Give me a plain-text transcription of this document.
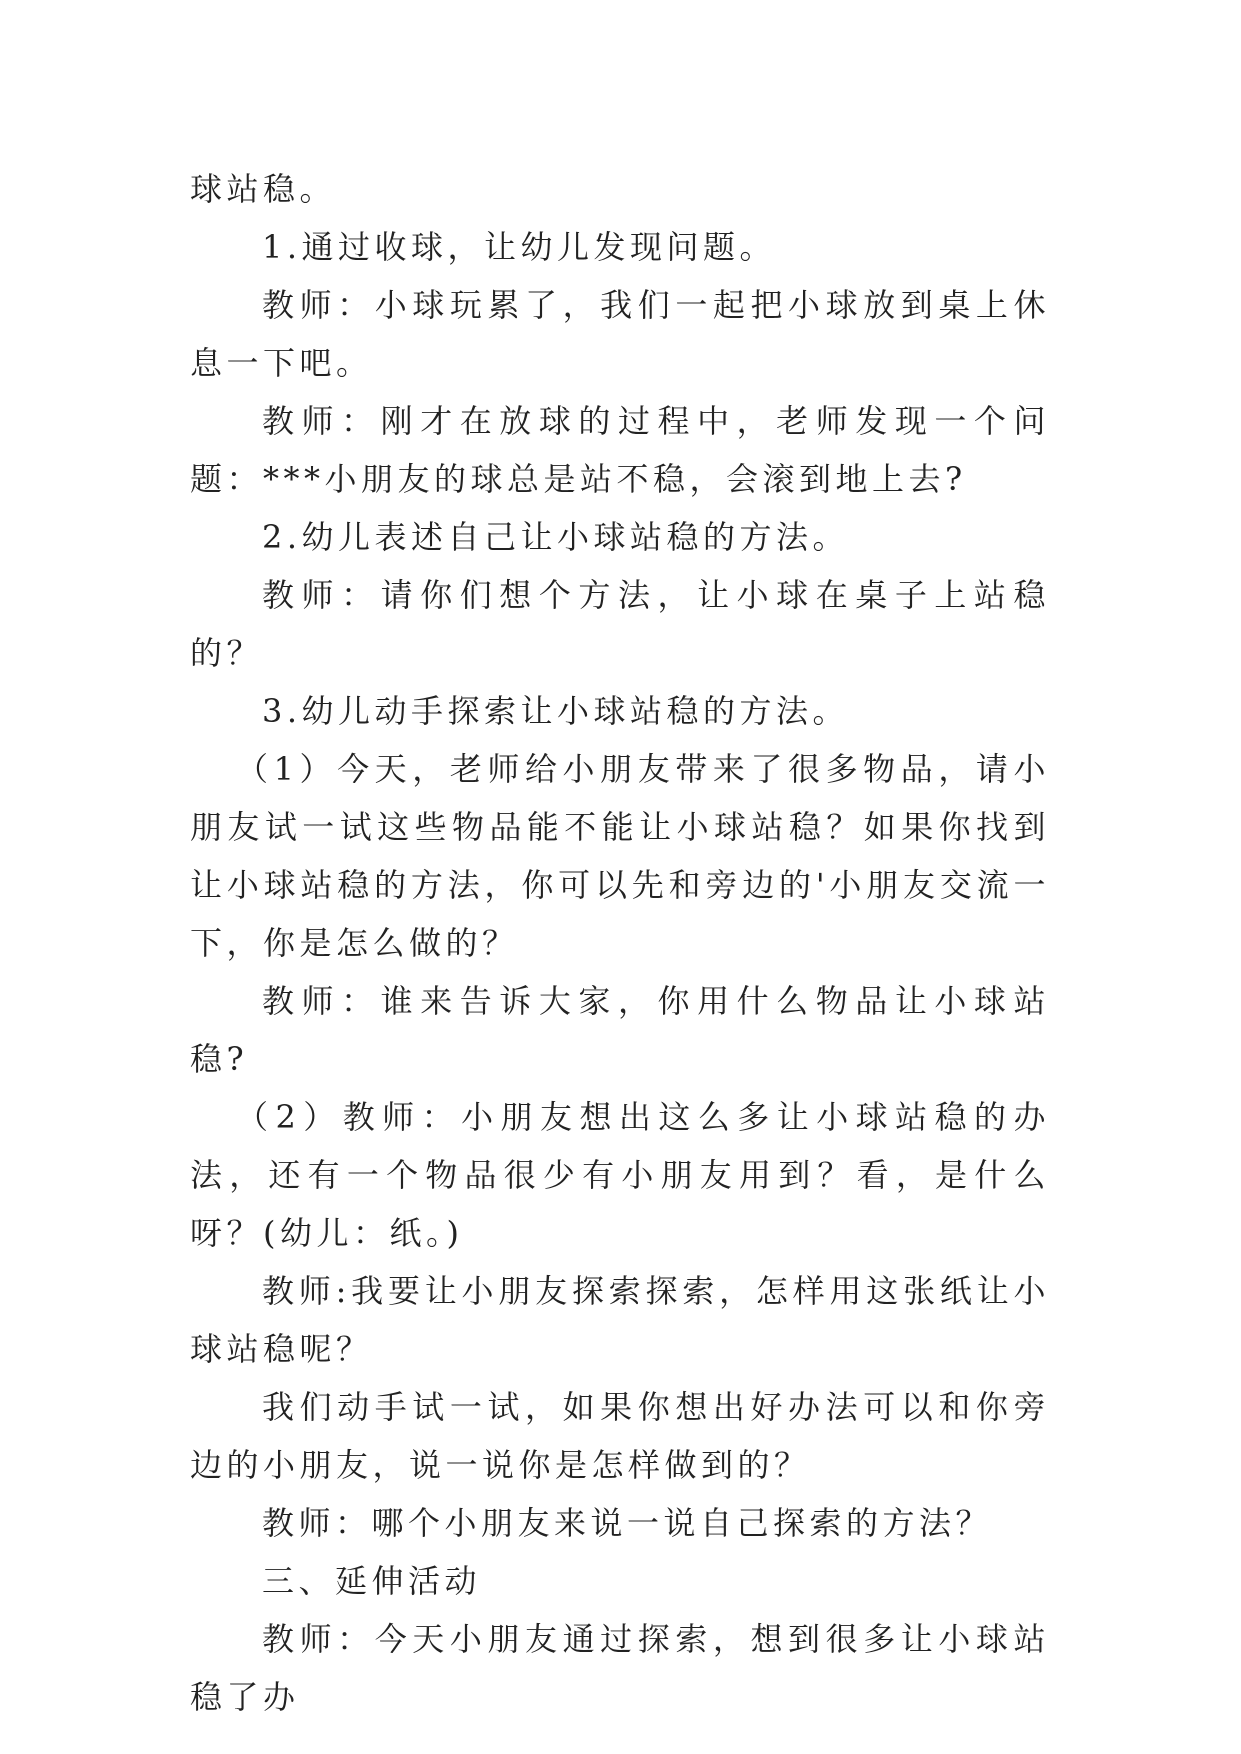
球站稳。

1.通过收球，让幼儿发现问题。

教师：小球玩累了，我们一起把小球放到桌上休息一下吧。

教师：刚才在放球的过程中，老师发现一个问题：***小朋友的球总是站不稳，会滚到地上去?

2.幼儿表述自己让小球站稳的方法。

教师：请你们想个方法，让小球在桌子上站稳的？

3.幼儿动手探索让小球站稳的方法。

（1）今天，老师给小朋友带来了很多物品，请小朋友试一试这些物品能不能让小球站稳？如果你找到让小球站稳的方法，你可以先和旁边的'小朋友交流一下，你是怎么做的？

教师：谁来告诉大家，你用什么物品让小球站稳?

（2）教师：小朋友想出这么多让小球站稳的办法，还有一个物品很少有小朋友用到？看，是什么呀？(幼儿：纸。)

教师:我要让小朋友探索探索，怎样用这张纸让小球站稳呢？

我们动手试一试，如果你想出好办法可以和你旁边的小朋友，说一说你是怎样做到的？

教师：哪个小朋友来说一说自己探索的方法？

三、延伸活动

教师：今天小朋友通过探索，想到很多让小球站稳了办
